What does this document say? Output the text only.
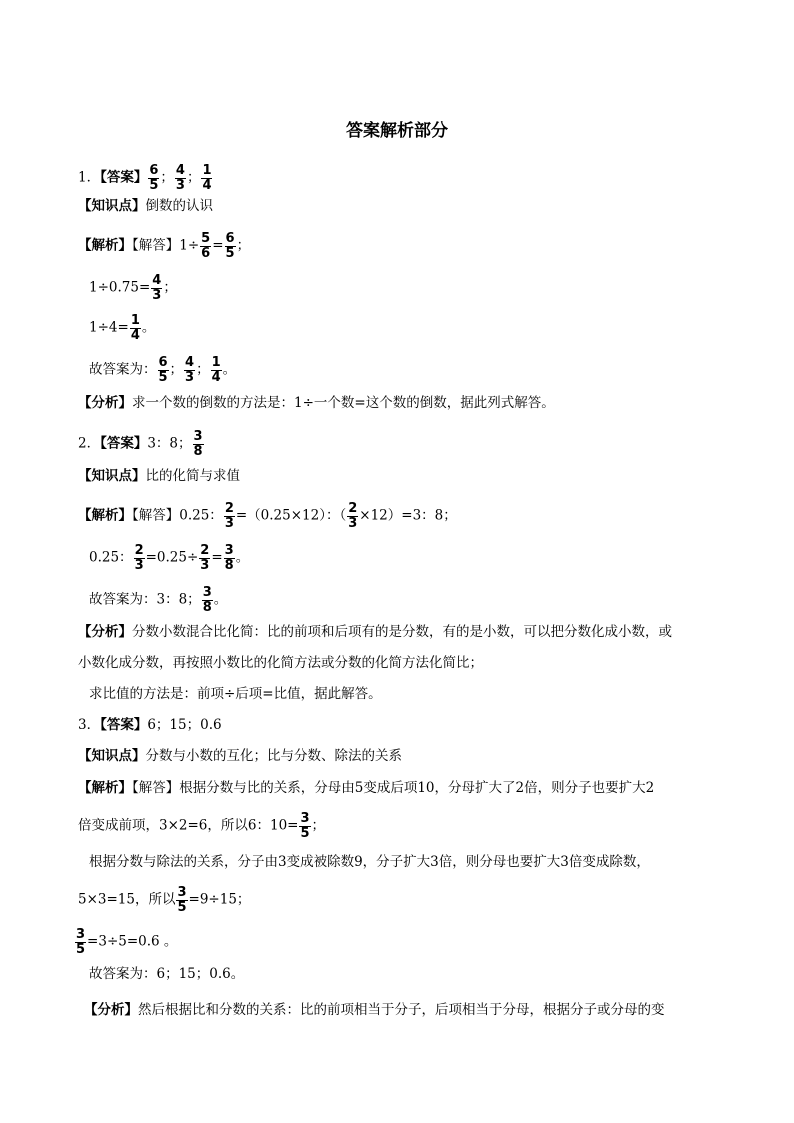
答案解析部分
1．【答案】 $\frac{6}{5}$ ； $\frac{4}{3}$ ； $\frac{1}{4}$
【知识点】倒数的认识
【解析】【解答】$1\div \frac{5}{6} = \frac{6}{5}$ ；
$1\div 0.75= \frac{4}{3}$ ；
$1\div 4= \frac{1}{4}$ 。
故答案为： $\frac{6}{5}$ ； $\frac{4}{3}$ ； $\frac{1}{4}$ 。
【分析】求一个数的倒数的方法是：1÷一个数=这个数的倒数，据此列式解答。
2．【答案】3：8； $\frac{3}{8}$
【知识点】比的化简与求值
【解析】【解答】0.25： $\frac{2}{3} =(0.25\times 12)$：（ $\frac{2}{3} \times 12)=3$：8；
0.25： $\frac{2}{3} =0.25\div \frac{2}{3} = \frac{3}{8}$ 。
故答案为：3：8； $\frac{3}{8}$ 。
【分析】分数小数混合比化简：比的前项和后项有的是分数，有的是小数，可以把分数化成小数，或
小数化成分数，再按照小数比的化简方法或分数的化简方法化简比；
求比值的方法是：前项÷后项=比值，据此解答。
3．【答案】6；15；0.6
【知识点】分数与小数的互化；比与分数、除法的关系
【解析】【解答】根据分数与比的关系，分母由5变成后项10，分母扩大了2倍，则分子也要扩大2
倍变成前项，3×2=6，所以6：$10= \frac{3}{5}$ ；
根据分数与除法的关系，分子由3变成被除数9，分子扩大3倍，则分母也要扩大3倍变成除数，
5×3=15，所以 $\frac{3}{5} =9\div 15$；
$\frac{3}{5} =3\div 5=0.6$ 。
故答案为：6；15；0.6。
【分析】然后根据比和分数的关系：比的前项相当于分子，后项相当于分母，根据分子或分母的变
